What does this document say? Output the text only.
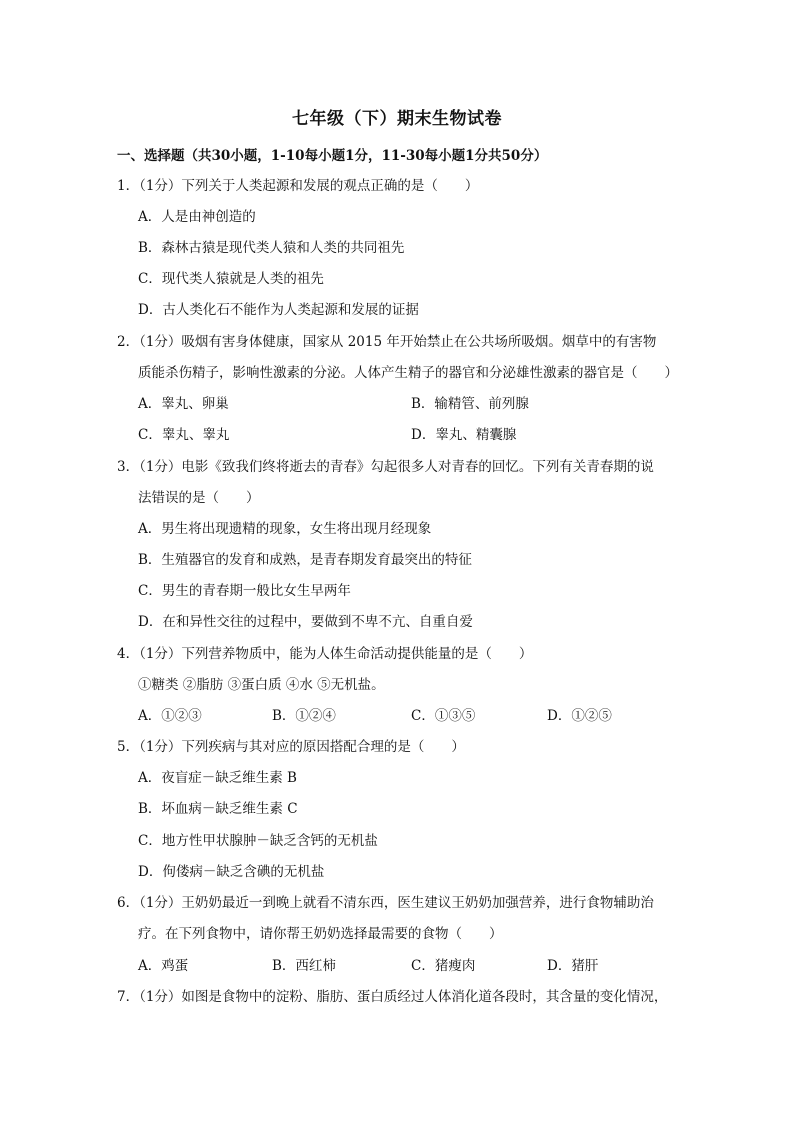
七年级（下）期末生物试卷
一、选择题（共30小题，1-10每小题1分，11-30每小题1分共50分）
1．（1分）下列关于人类起源和发展的观点正确的是（　　）
A．人是由神创造的
B．森林古猿是现代类人猿和人类的共同祖先
C．现代类人猿就是人类的祖先
D．古人类化石不能作为人类起源和发展的证据
2．（1分）吸烟有害身体健康，国家从 2015 年开始禁止在公共场所吸烟。烟草中的有害物
质能杀伤精子，影响性激素的分泌。人体产生精子的器官和分泌雄性激素的器官是（　　）
A．睾丸、卵巢	B．输精管、前列腺
C．睾丸、睾丸	D．睾丸、精囊腺
3．（1分）电影《致我们终将逝去的青春》勾起很多人对青春的回忆。下列有关青春期的说
法错误的是（　　）
A．男生将出现遗精的现象，女生将出现月经现象
B．生殖器官的发育和成熟，是青春期发育最突出的特征
C．男生的青春期一般比女生早两年
D．在和异性交往的过程中，要做到不卑不亢、自重自爱
4．（1分）下列营养物质中，能为人体生命活动提供能量的是（　　）
①糖类 ②脂肪 ③蛋白质 ④水 ⑤无机盐。
A．①②③	B．①②④	C．①③⑤	D．①②⑤
5．（1分）下列疾病与其对应的原因搭配合理的是（　　）
A．夜盲症－缺乏维生素 B
B．坏血病－缺乏维生素 C
C．地方性甲状腺肿－缺乏含钙的无机盐
D．佝偻病－缺乏含碘的无机盐
6．（1分）王奶奶最近一到晚上就看不清东西，医生建议王奶奶加强营养，进行食物辅助治
疗。在下列食物中，请你帮王奶奶选择最需要的食物（　　）
A．鸡蛋	B．西红柿	C．猪瘦肉	D．猪肝
7．（1分）如图是食物中的淀粉、脂肪、蛋白质经过人体消化道各段时，其含量的变化情况，
